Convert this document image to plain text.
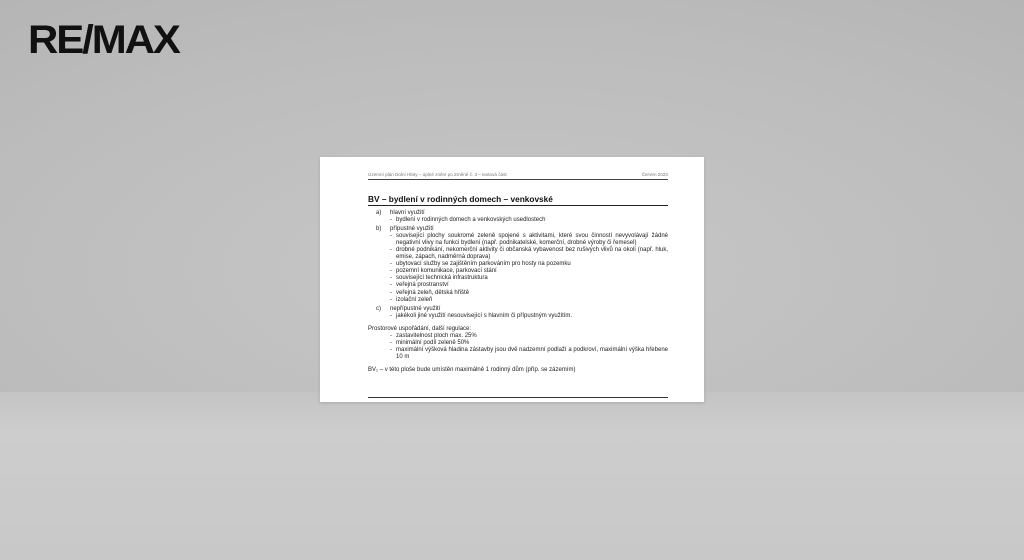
RE/MAX
Územní plán Dolní Hbity – úplné znění po Změně č. 3 – textová část	Červen 2023
BV – bydlení v rodinných domech – venkovské
a)	hlavní využití
- bydlení v rodinných domech a venkovských usedlostech
b)	přípustné využití
- související plochy soukromé zeleně spojené s aktivitami, které svou činností nevyvolávají žádné negativní vlivy na funkci bydlení (např. podnikatelské, komerční, drobné výroby či řemesel)
- drobné podnikání, nekomerční aktivity či občanská vybavenost bez rušivých vlivů na okolí (např. hluk, emise, zápach, nadměrná doprava)
- ubytovací služby se zajištěním parkováním pro hosty na pozemku
- pozemní komunikace, parkovací stání
- související technická infrastruktura
- veřejná prostranství
- veřejná zeleň, dětská hřiště
- izolační zeleň
c)	nepřípustné využití
- jakékoli jiné využití nesouvisející s hlavním či přípustným využitím.
Prostorové uspořádání, další regulace:
- zastavitelnost ploch max. 25%
- minimální podíl zeleně 50%
- maximální výšková hladina zástavby jsou dvě nadzemní podlaží a podkroví, maximální výška hřebene 10 m
BV₁ – v této ploše bude umístěn maximálně 1 rodinný dům (příp. se zázemím)
